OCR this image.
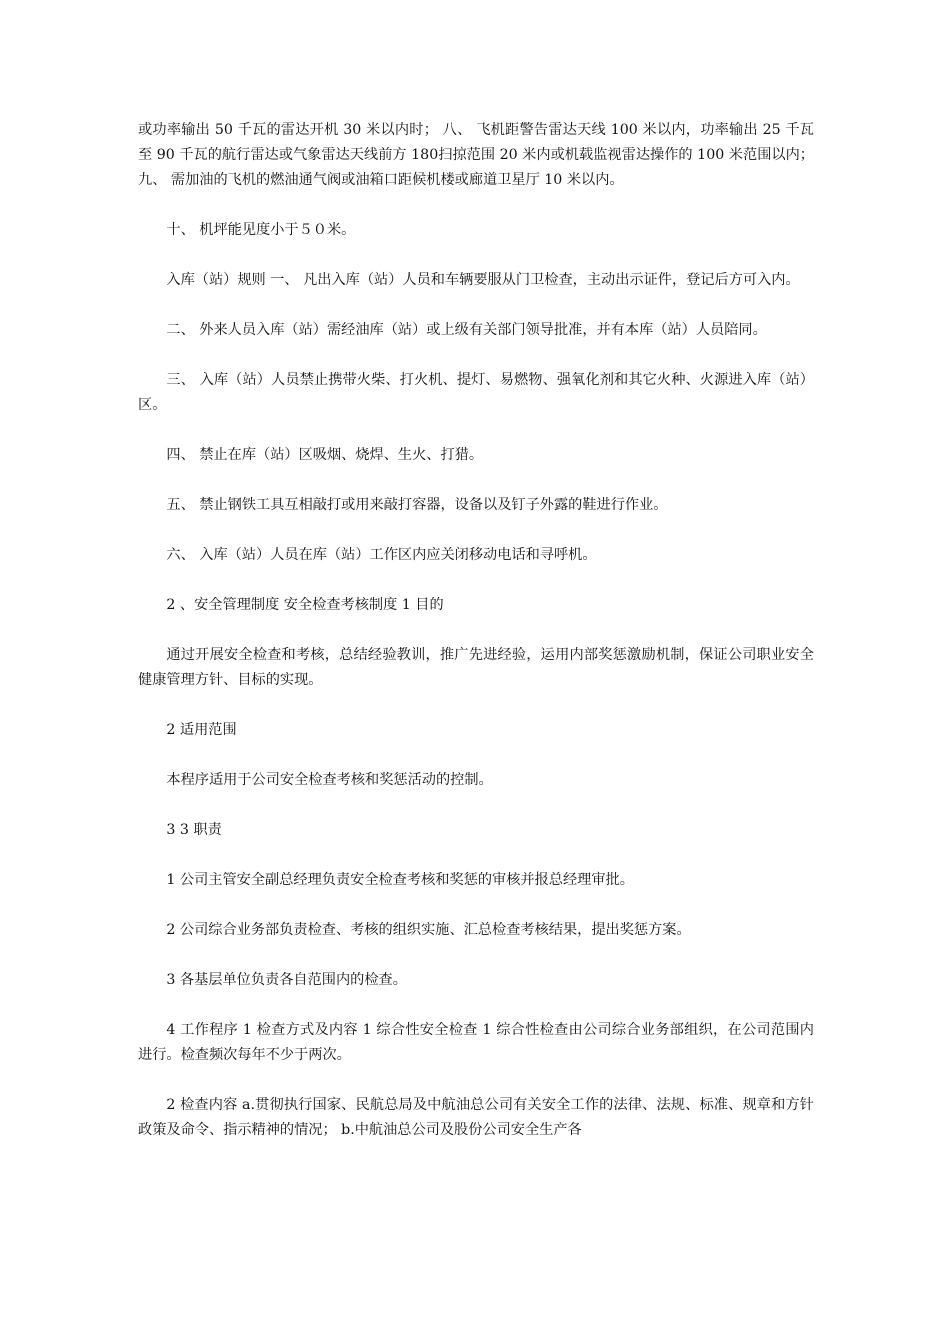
或功率输出 50 千瓦的雷达开机 30 米以内时； 八、 飞机距警告雷达天线 100 米以内，功率输出 25 千瓦至 90 千瓦的航行雷达或气象雷达天线前方 180扫掠范围 20 米内或机载监视雷达操作的 100 米范围以内； 九、 需加油的飞机的燃油通气阀或油箱口距候机楼或廊道卫星厅 10 米以内。

十、 机坪能见度小于５０米。

入库（站）规则 一、 凡出入库（站）人员和车辆要服从门卫检查，主动出示证件，登记后方可入内。

二、 外来人员入库（站）需经油库（站）或上级有关部门领导批准，并有本库（站）人员陪同。

三、 入库（站）人员禁止携带火柴、打火机、提灯、易燃物、强氧化剂和其它火种、火源进入库（站）区。

四、 禁止在库（站）区吸烟、烧焊、生火、打猎。

五、 禁止钢铁工具互相敲打或用来敲打容器，设备以及钉子外露的鞋进行作业。

六、 入库（站）人员在库（站）工作区内应关闭移动电话和寻呼机。

2 、安全管理制度 安全检查考核制度 1 目的

通过开展安全检查和考核，总结经验教训，推广先进经验，运用内部奖惩激励机制，保证公司职业安全健康管理方针、目标的实现。

2 适用范围

本程序适用于公司安全检查考核和奖惩活动的控制。

3 3 职责

1 公司主管安全副总经理负责安全检查考核和奖惩的审核并报总经理审批。

2 公司综合业务部负责检查、考核的组织实施、汇总检查考核结果，提出奖惩方案。

3 各基层单位负责各自范围内的检查。

4 工作程序 1 检查方式及内容 1 综合性安全检查 1 综合性检查由公司综合业务部组织，在公司范围内进行。检查频次每年不少于两次。

2 检查内容 a.贯彻执行国家、民航总局及中航油总公司有关安全工作的法律、法规、标准、规章和方针政策及命令、指示精神的情况； b.中航油总公司及股份公司安全生产各
